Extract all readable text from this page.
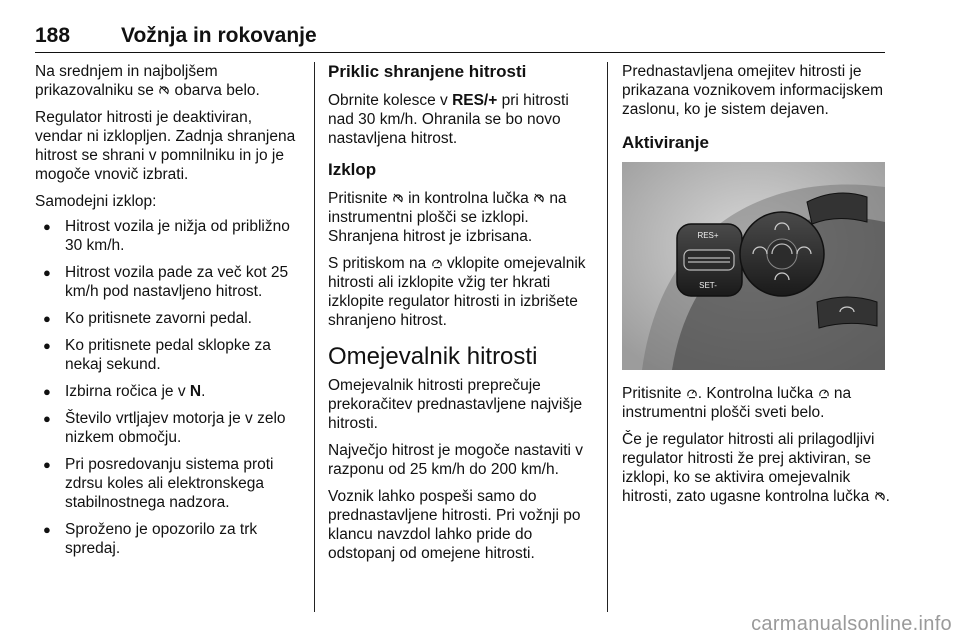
188 Vožnja in rokovanje

Na srednjem in najboljšem prikazovalniku se obarva belo.

Regulator hitrosti je deaktiviran, vendar ni izklopljen. Zadnja shranjena hitrost se shrani v pomnilniku in jo je mogoče vnovič izbrati.

Samodejni izklop:

● Hitrost vozila je nižja od približno 30 km/h.
● Hitrost vozila pade za več kot 25 km/h pod nastavljeno hitrost.
● Ko pritisnete zavorni pedal.
● Ko pritisnete pedal sklopke za nekaj sekund.
● Izbirna ročica je v N.
● Število vrtljajev motorja je v zelo nizkem območju.
● Pri posredovanju sistema proti zdrsu koles ali elektronskega stabilnostnega nadzora.
● Sproženo je opozorilo za trk spredaj.
Priklic shranjene hitrosti

Obrnite kolesce v RES/+ pri hitrosti nad 30 km/h. Ohranila se bo novo nastavljena hitrost.

Izklop

Pritisnite in kontrolna lučka na instrumentni plošči se izklopi. Shranjena hitrost je izbrisana.

S pritiskom na vklopite omejevalnik hitrosti ali izklopite vžig ter hkrati izklopite regulator hitrosti in izbrišete shranjeno hitrost.

Omejevalnik hitrosti

Omejevalnik hitrosti preprečuje prekoračitev prednastavljene najvišje hitrosti.

Največjo hitrost je mogoče nastaviti v razponu od 25 km/h do 200 km/h.

Voznik lahko pospeši samo do prednastavljene hitrosti. Pri vožnji po klancu navzdol lahko pride do odstopanj od omejene hitrosti.

Prednastavljena omejitev hitrosti je prikazana voznikovem informacijskem zaslonu, ko je sistem dejaven.

Aktiviranje
RES+
SET-

Pritisnite . Kontrolna lučka na instrumentni plošči sveti belo.

Če je regulator hitrosti ali prilagodljivi regulator hitrosti že prej aktiviran, se izklopi, ko se aktivira omejevalnik hitrosti, zato ugasne kontrolna lučka .

carmanualsonline.info
